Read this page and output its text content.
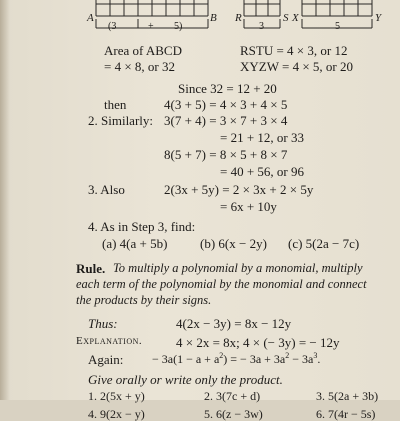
A	B
(3	+ 5)
R	S
3
X	Y
5
Area of ABCD
= 4 × 8, or 32
RSTU = 4 × 3, or 12
XYZW = 4 × 5, or 20
Since 32 = 12 + 20
then	4(3 + 5) = 4 × 3 + 4 × 5
2. Similarly: 3(7 + 4) = 3 × 7 + 3 × 4
= 21 + 12, or 33
8(5 + 7) = 8 × 5 + 8 × 7
= 40 + 56, or 96
3. Also	2(3x + 5y) = 2 × 3x + 2 × 5y
= 6x + 10y
4. As in Step 3, find:
(a) 4(a + 5b)	(b) 6(x − 2y) (c) 5(2a − 7c)
Rule. To multiply a polynomial by a monomial, multiply
each term of the polynomial by the monomial and connect
the products by their signs.
Thus:	4(2x − 3y) = 8x − 12y
Explanation.	4 × 2x = 8x; 4 × (− 3y) = − 12y
Again: − $3a(1 - a + a^2)$ = − $3a + 3a^2 - 3a^3$.
Give orally or write only the product.
1. 2(5x + y)	2. 3(7c + d)	3. 5(2a + 3b)
4. 9(2x − y)	5. 6(z − 3w)	6. 7(4r − 5s)
